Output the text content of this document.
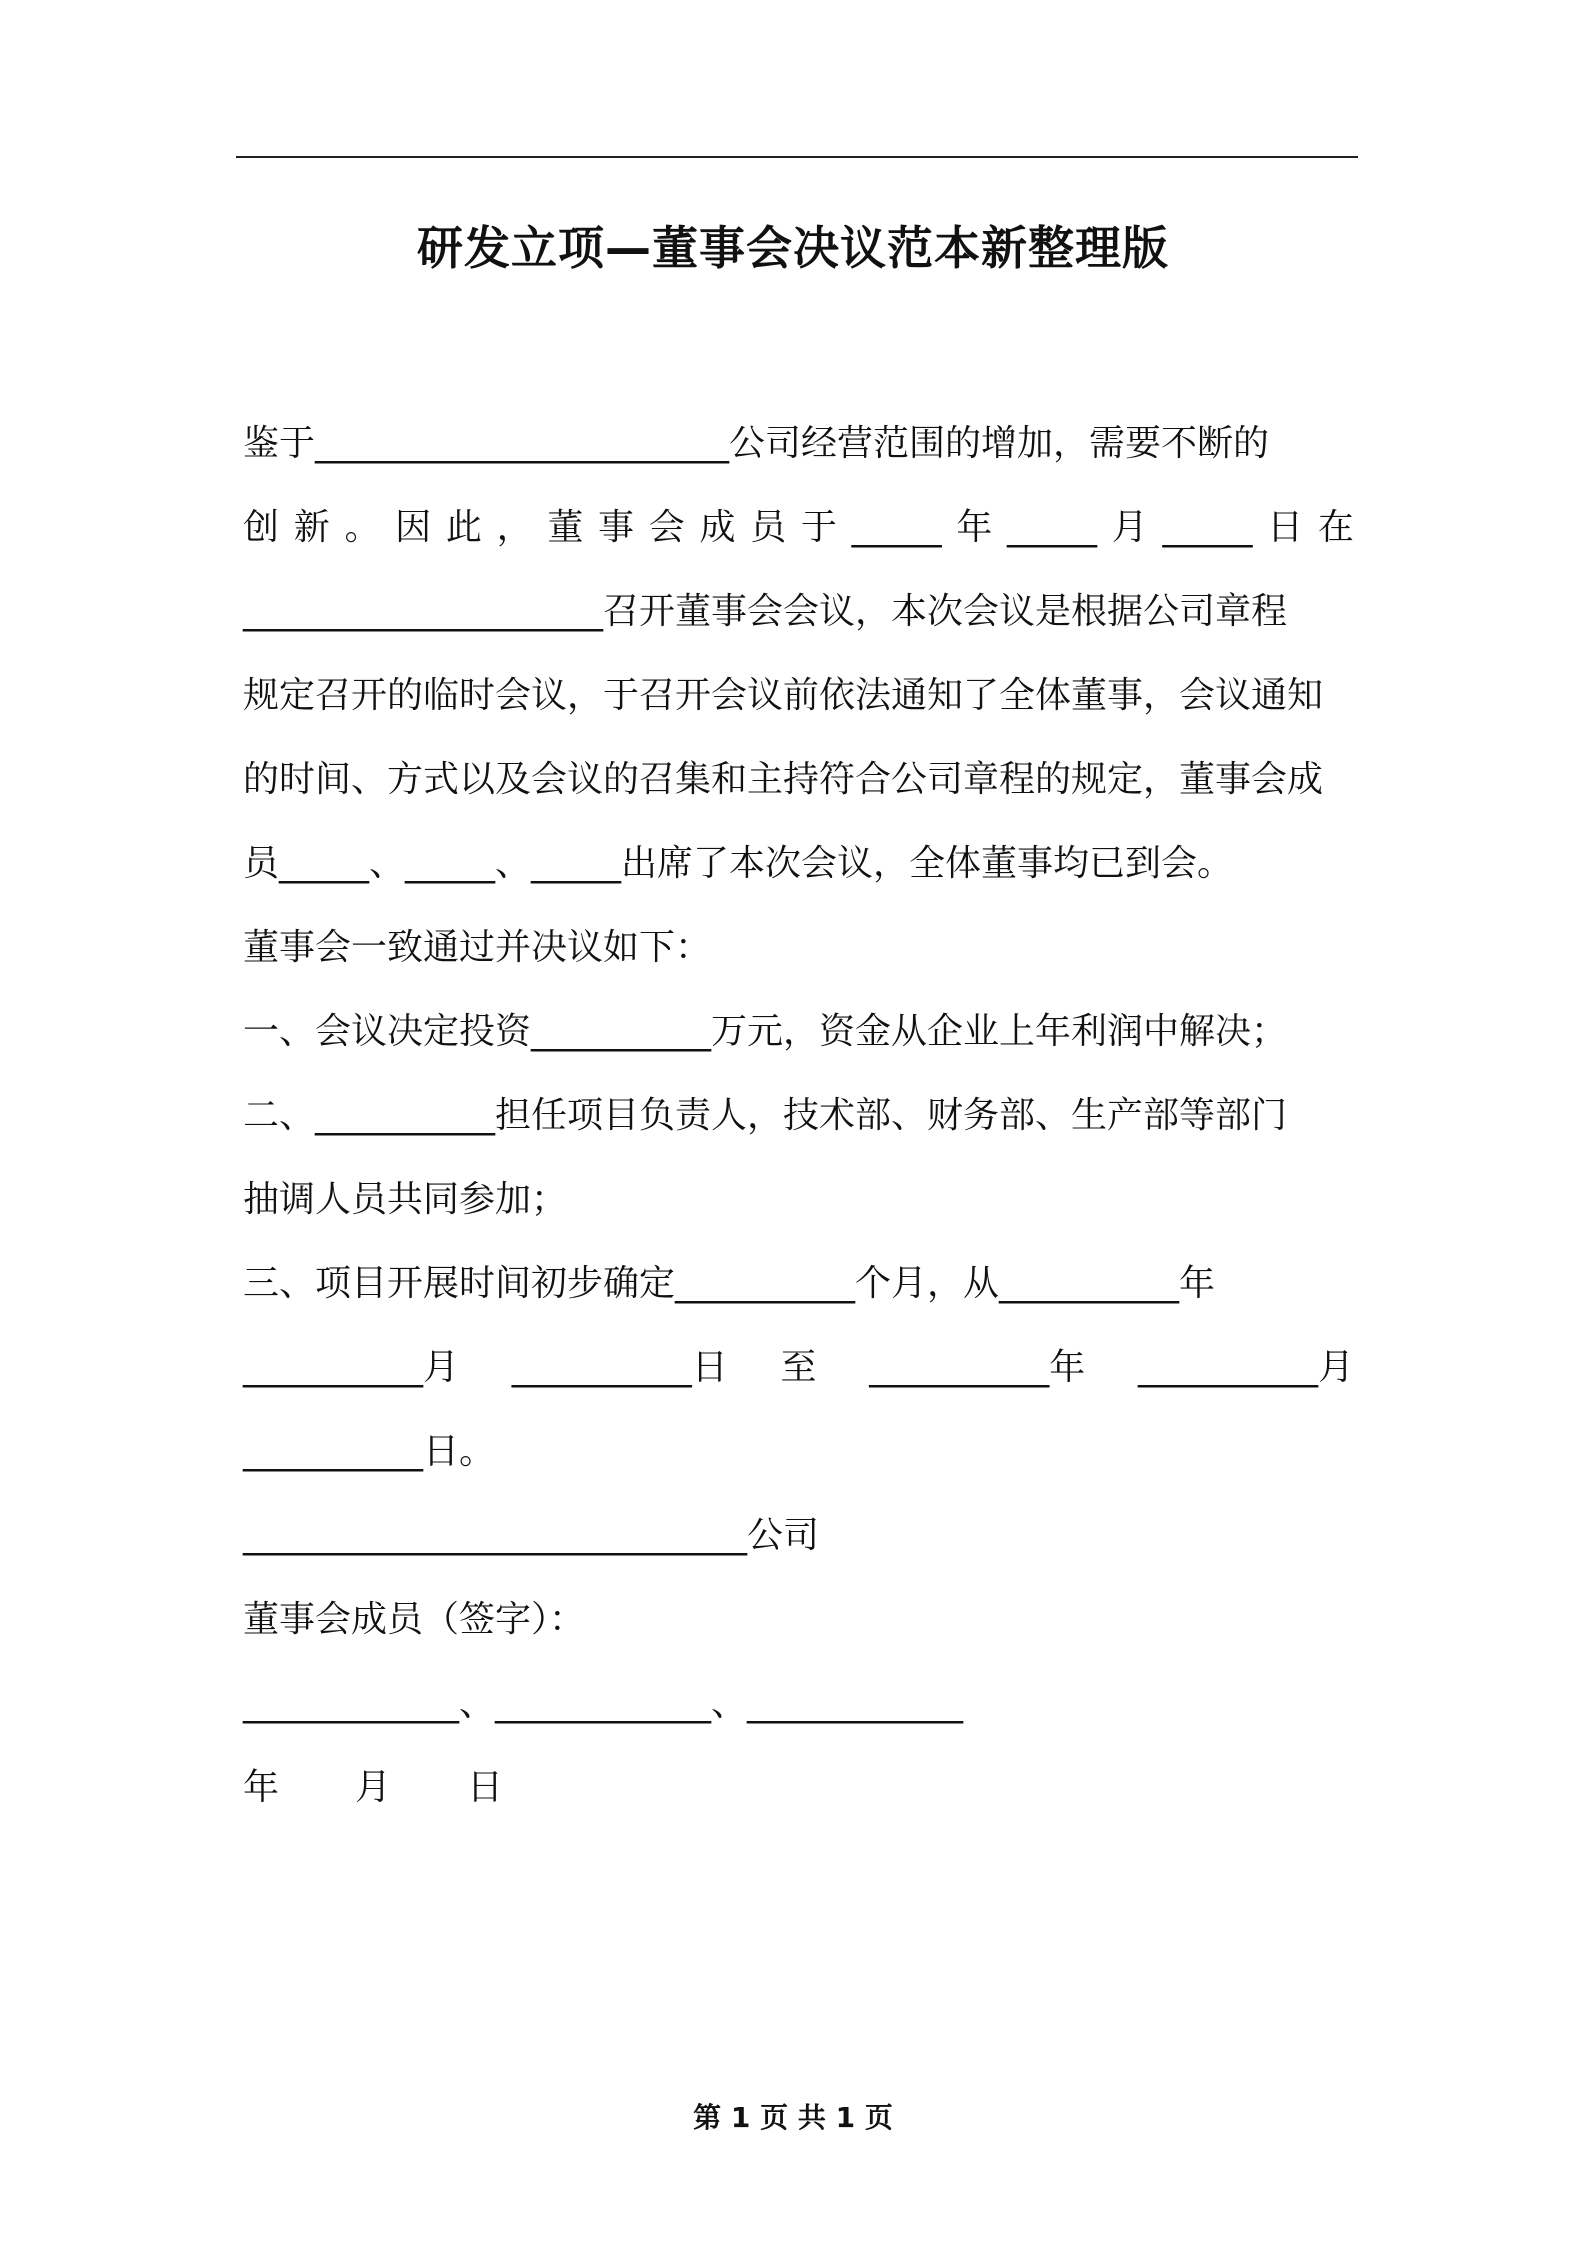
研发立项—董事会决议范本新整理版
鉴于_______________________公司经营范围的增加，需要不断的
创 新 。 因 此 ， 董 事 会 成 员 于 _____ 年 _____ 月 _____ 日 在
____________________召开董事会会议，本次会议是根据公司章程
规定召开的临时会议，于召开会议前依法通知了全体董事，会议通知
的时间、方式以及会议的召集和主持符合公司章程的规定，董事会成
员_____、_____、_____出席了本次会议，全体董事均已到会。
董事会一致通过并决议如下：
一、会议决定投资__________万元，资金从企业上年利润中解决；
二、__________担任项目负责人，技术部、财务部、生产部等部门
抽调人员共同参加；
三、项目开展时间初步确定__________个月，从__________年
__________月 __________日 至 __________年 __________月
__________日。
____________________________公司
董事会成员（签字）：
____________、____________、____________
年 月 日
第 1 页 共 1 页
